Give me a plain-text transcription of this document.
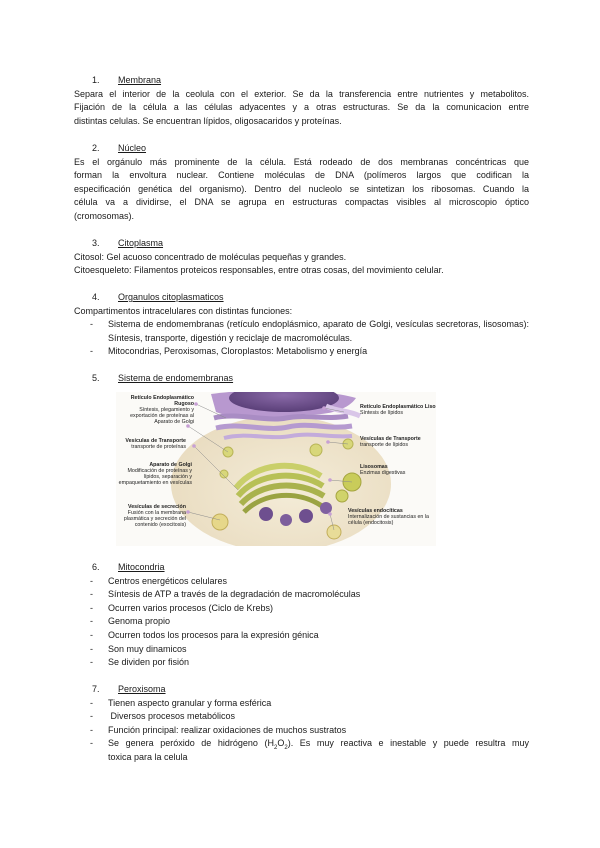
1.	Membrana
Separa el interior de la ceolula con el exterior. Se da la transferencia entre nutrientes y metabolitos.
Fijación de la célula a las células adyacentes y a otras estructuras. Se da la comunicacion entre
distintas celulas. Se encuentran lípidos, oligosacaridos y proteínas.
2.	Núcleo
Es el orgánulo más prominente de la célula. Está rodeado de dos membranas concéntricas que
forman la envoltura nuclear. Contiene moléculas de DNA (polímeros largos que codifican la
especificación genética del organismo). Dentro del nucleolo se sintetizan los ribosomas. Cuando la
célula va a dividirse, el DNA se agrupa en estructuras compactas visibles al microscopio óptico
(cromosomas).
3.	Citoplasma
Citosol: Gel acuoso concentrado de moléculas pequeñas y grandes.
Citoesqueleto: Filamentos proteicos responsables, entre otras cosas, del movimiento celular.
4.	Organulos citoplasmaticos
Compartimentos intracelulares con distintas funciones:
-	Sistema de endomembranas (retículo endoplásmico, aparato de Golgi, vesículas secretoras, lisosomas): Síntesis, transporte, digestión y reciclaje de macromoléculas.
-	Mitocondrias, Peroxisomas, Cloroplastos: Metabolismo y energía
5.	Sistema de endomembranas
Retículo Endoplasmático Rugoso
Síntesis, plegamiento y exportación de proteínas al Aparato de Golgi
Vesículas de Transporte
transporte de proteínas
Aparato de Golgi
Modificación de proteínas y lípidos, separación y empaquetamiento en vesículas
Vesículas de secreción
Fusión con la membrana plasmática y secreción del contenido (exocitosis)
Retículo Endoplasmático Liso
Síntesis de lípidos
Vesículas de Transporte
transporte de lípidos
Lisosomas
Enzimas digestivas
Vesículas endocíticas
Internalización de sustancias en la célula (endocitosis)
6.	Mitocondria
-	Centros energéticos celulares
-	Síntesis de ATP a través de la degradación de macromoléculas
-	Ocurren varios procesos (Ciclo de Krebs)
-	Genoma propio
-	Ocurren todos los procesos para la expresión génica
-	Son muy dinamicos
-	Se dividen por fisión
7.	Peroxisoma
-	Tienen aspecto granular y forma esférica
-	Diversos procesos metabólicos
-	Función principal: realizar oxidaciones de muchos sustratos
-	Se genera peróxido de hidrógeno $(H_2O_2)$. Es muy reactiva e inestable y puede resultra muy
toxica para la celula
